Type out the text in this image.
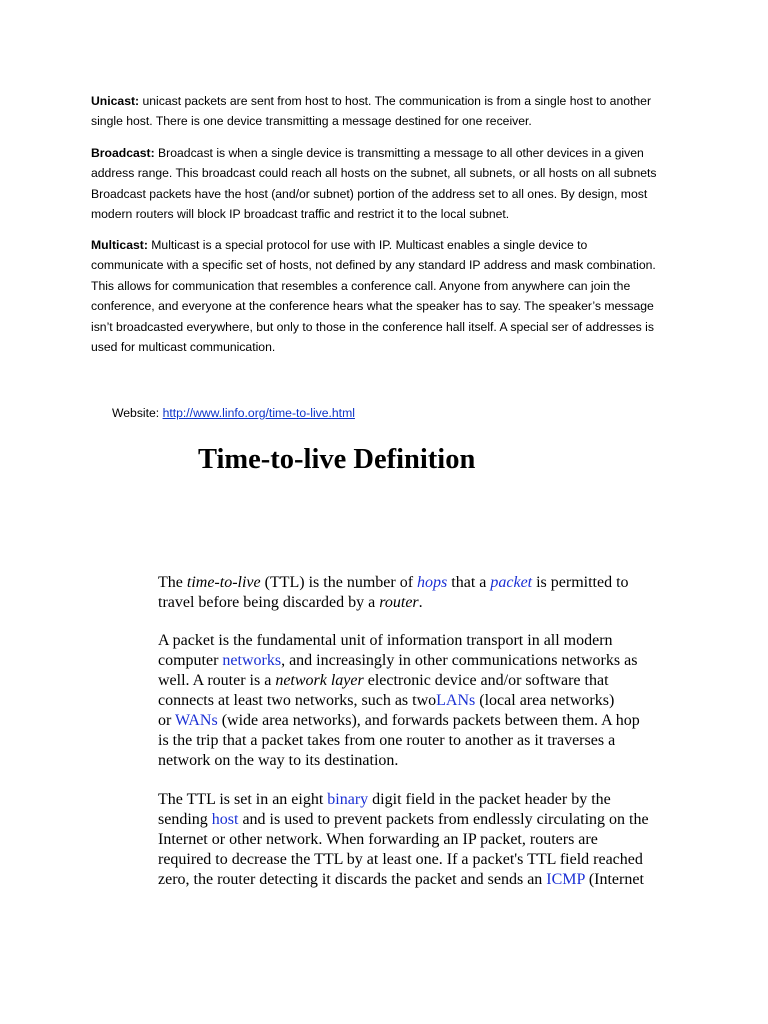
Unicast: unicast packets are sent from host to host. The communication is from a single host to another
single host. There is one device transmitting a message destined for one receiver.

Broadcast: Broadcast is when a single device is transmitting a message to all other devices in a given
address range. This broadcast could reach all hosts on the subnet, all subnets, or all hosts on all subnets
Broadcast packets have the host (and/or subnet) portion of the address set to all ones. By design, most
modern routers will block IP broadcast traffic and restrict it to the local subnet.

Multicast: Multicast is a special protocol for use with IP. Multicast enables a single device to
communicate with a specific set of hosts, not defined by any standard IP address and mask combination.
This allows for communication that resembles a conference call. Anyone from anywhere can join the
conference, and everyone at the conference hears what the speaker has to say. The speaker’s message
isn’t broadcasted everywhere, but only to those in the conference hall itself. A special ser of addresses is
used for multicast communication.

Website: http://www.linfo.org/time-to-live.html

Time-to-live Definition

The time-to-live (TTL) is the number of hops that a packet is permitted to
travel before being discarded by a router.

A packet is the fundamental unit of information transport in all modern
computer networks, and increasingly in other communications networks as
well. A router is a network layer electronic device and/or software that
connects at least two networks, such as twoLANs (local area networks)
or WANs (wide area networks), and forwards packets between them. A hop
is the trip that a packet takes from one router to another as it traverses a
network on the way to its destination.

The TTL is set in an eight binary digit field in the packet header by the
sending host and is used to prevent packets from endlessly circulating on the
Internet or other network. When forwarding an IP packet, routers are
required to decrease the TTL by at least one. If a packet's TTL field reached
zero, the router detecting it discards the packet and sends an ICMP (Internet
